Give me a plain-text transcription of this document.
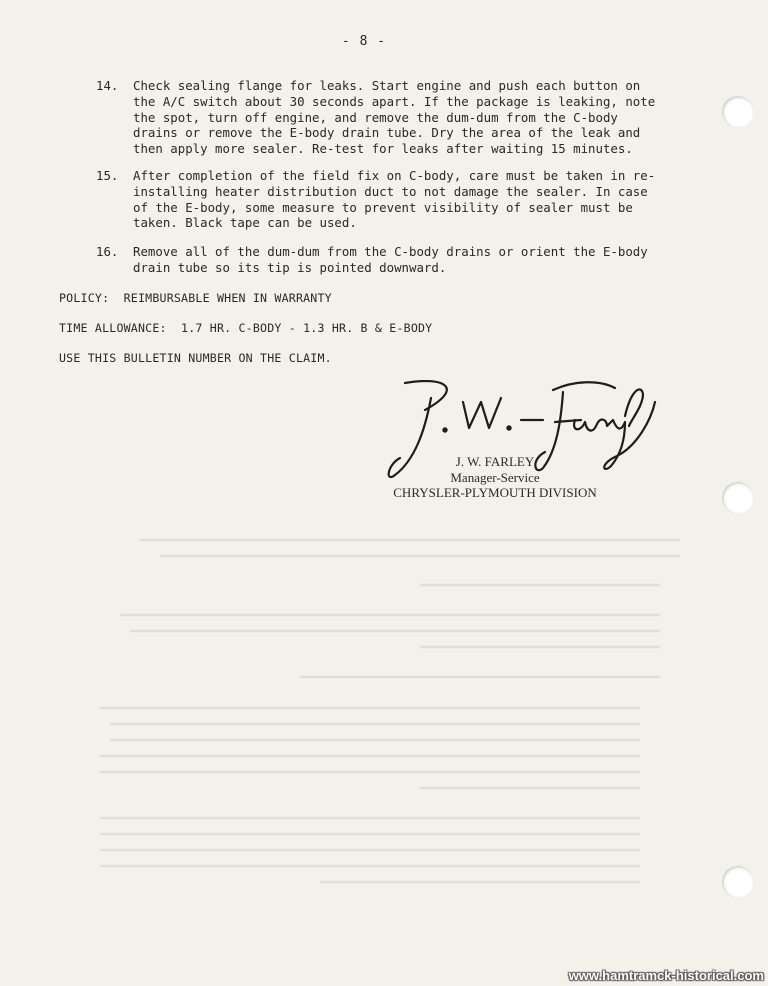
- 8 -
14.	Check sealing flange for leaks. Start engine and push each button on
the A/C switch about 30 seconds apart. If the package is leaking, note
the spot, turn off engine, and remove the dum-dum from the C-body
drains or remove the E-body drain tube. Dry the area of the leak and
then apply more sealer. Re-test for leaks after waiting 15 minutes.
15.	After completion of the field fix on C-body, care must be taken in re-
installing heater distribution duct to not damage the sealer. In case
of the E-body, some measure to prevent visibility of sealer must be
taken. Black tape can be used.
16.	Remove all of the dum-dum from the C-body drains or orient the E-body
drain tube so its tip is pointed downward.
POLICY:  REIMBURSABLE WHEN IN WARRANTY
TIME ALLOWANCE:  1.7 HR. C-BODY - 1.3 HR. B & E-BODY
USE THIS BULLETIN NUMBER ON THE CLAIM.
J. W. FARLEY
Manager-Service
CHRYSLER-PLYMOUTH DIVISION
www.hamtramck-historical.com
